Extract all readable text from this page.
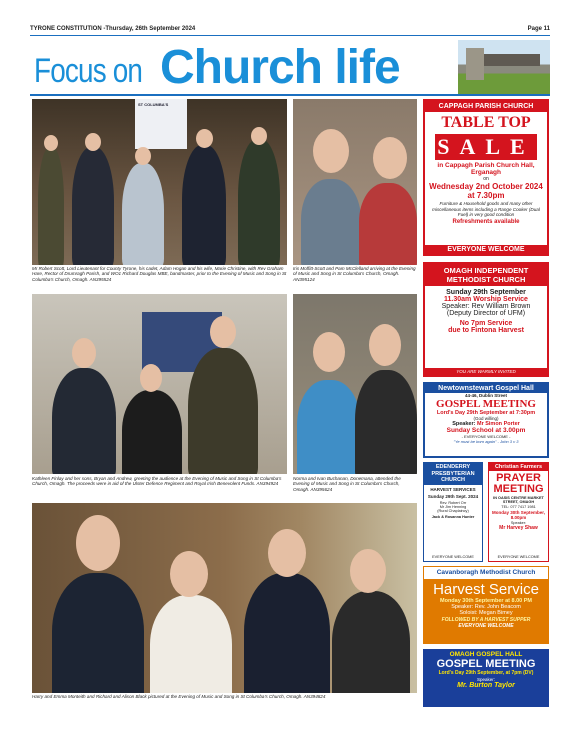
TYRONE CONSTITUTION -Thursday, 26th September 2024	Page 11
Focus on Church life
ST COLUMBA'S
Mr Robert Scott, Lord Lieutenant for County Tyrone, his cadet, Adam Hogan and his wife, Marie Christine, with Rev Graham Hare, Rector of Drumragh Parish, and WO1 Richard Douglas MBE, bandmaster, prior to the Evening of Music and Song in St Columba's Church, Omagh. AN395524
Iris Moffitt-Scott and Pam McClelland arriving at the Evening of Music and Song in St Columba's Church, Omagh. AN395124
Kathleen Finlay and her sons, Bryan and Andrew, greeting the audience at the Evening of Music and Song in St Columba's Church, Omagh. The proceeds were in aid of the Ulster Defence Regiment and Royal Irish Benevolent Funds. AN394924
Norma and Ivan Buchanan, Donemana, attended the Evening of Music and Song in St Columba's Church, Omagh. AN395624
Harry and Emma Monteith and Richard and Alison Black pictured at the Evening of Music and Song in St Columba's Church, Omagh. AN394824
CAPPAGH PARISH CHURCH
TABLE TOP
SALE
in Cappagh Parish Church Hall, Erganagh
on
Wednesday 2nd October 2024 at 7.30pm
Furniture & Household goods and many other miscellaneous items including a Range Cooker (Dual Fuel) in very good condition
Refreshments available
EVERYONE WELCOME
OMAGH INDEPENDENT METHODIST CHURCH
Sunday 29th September
11.30am Worship Service
Speaker: Rev William Brown
(Deputy Director of UFM)
No 7pm Service
due to Fintona Harvest
YOU ARE WARMLY INVITED
Newtownstewart Gospel Hall
44-46, Dublin Street
GOSPEL MEETING
Lord's Day 29th September at 7:30pm
(God willing)
Speaker: Mr Simon Porter
Sunday School at 3.00pm
- EVERYONE WELCOME -
"Ye must be born again" - John 3 v 3
EDENDERRY PRESBYTERIAN CHURCH
HARVEST SERVICES
Sunday 29th Sept. 2024
Rev. Robert Orr
Mr Jim Henning
(Rural Chaplaincy)
Jack & Rosanna Hunter
EVERYONE WELCOME
Christian Farmers
PRAYER
MEETING
IN OASIS CENTRE MARKET STREET, OMAGH
TEL: 077 7417 1981
Monday 30th September, 8.00pm
Speaker:
Mr Harvey Shaw
EVERYONE WELCOME
Cavanboragh Methodist Church
Harvest Service
Monday 30th September at 8.00 PM
Speaker: Rev. John Beacom
Soloist: Megan Bimey
FOLLOWED BY A HARVEST SUPPER
EVERYONE WELCOME
OMAGH GOSPEL HALL
GOSPEL MEETING
Lord's Day 29th September, at 7pm (DV)
Speaker:
Mr. Burton Taylor
